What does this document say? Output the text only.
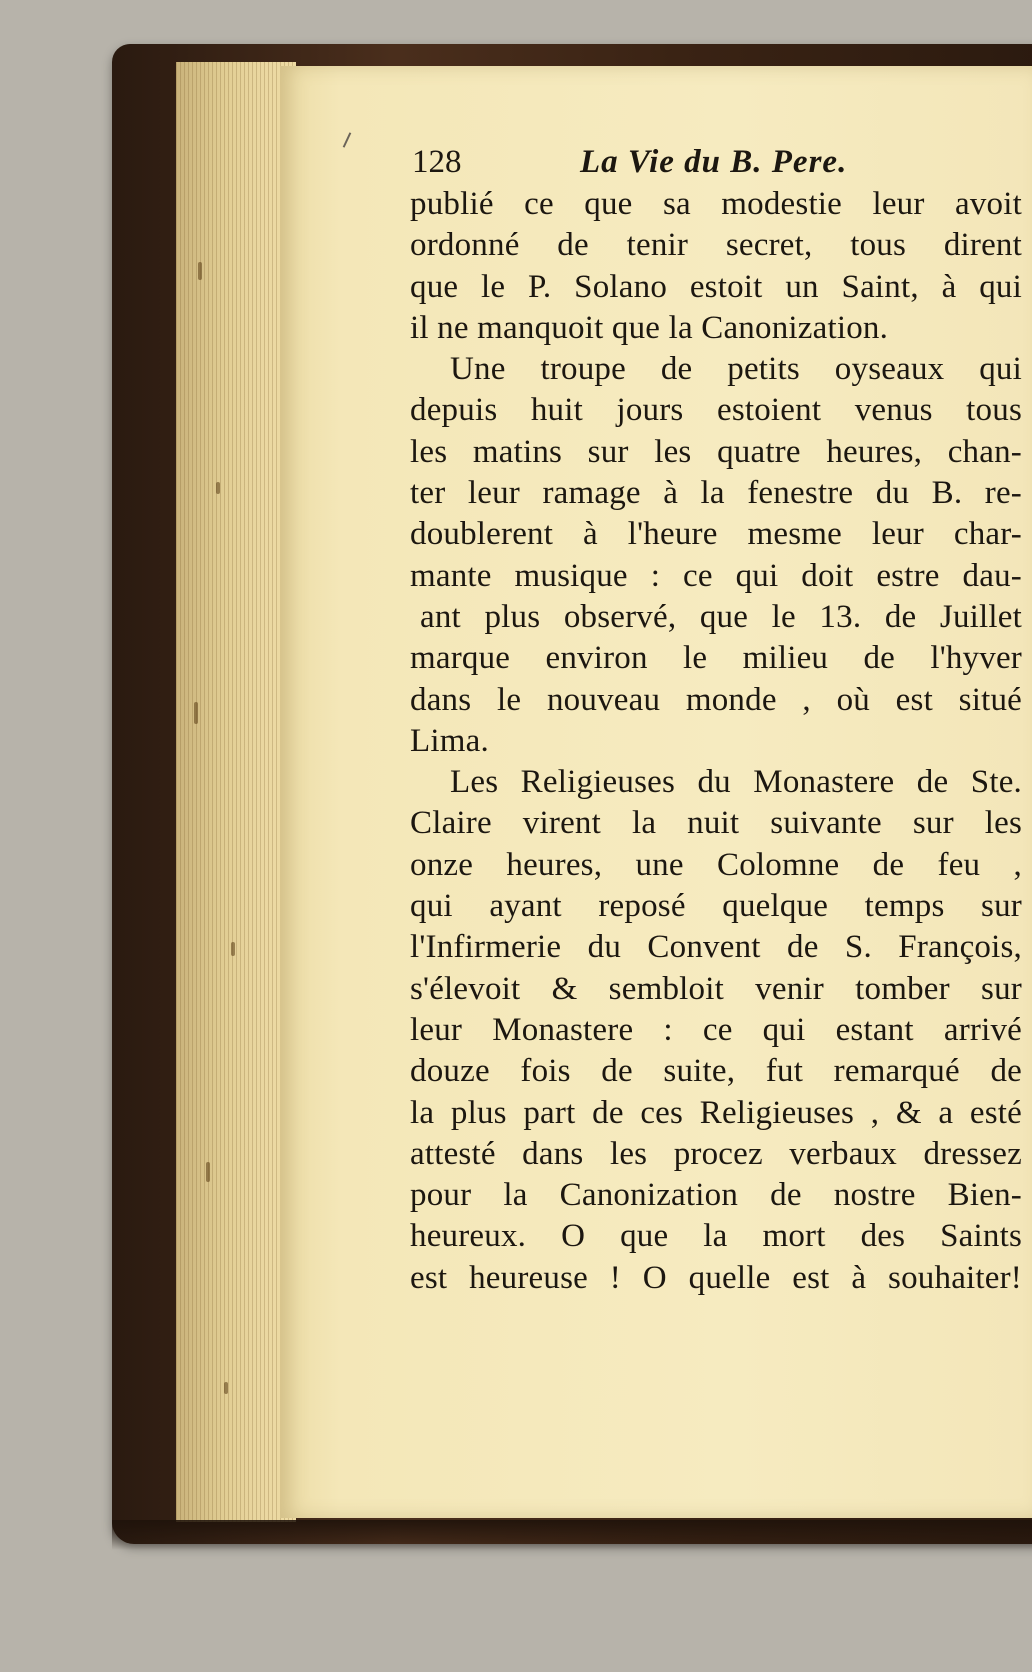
128	La Vie du B. Pere.
publié ce que sa modestie leur avoit
ordonné de tenir secret, tous dirent
que le P. Solano estoit un Saint, à qui
il ne manquoit que la Canonization.
Une troupe de petits oyseaux qui
depuis huit jours estoient venus tous
les matins sur les quatre heures, chan-
ter leur ramage à la fenestre du B. re-
doublerent à l'heure mesme leur char-
mante musique : ce qui doit estre dau-
ant plus observé, que le 13. de Juillet
marque environ le milieu de l'hyver
dans le nouveau monde , où est situé
Lima.
Les Religieuses du Monastere de Ste.
Claire virent la nuit suivante sur les
onze heures, une Colomne de feu ,
qui ayant reposé quelque temps sur
l'Infirmerie du Convent de S. François,
s'élevoit & sembloit venir tomber sur
leur Monastere : ce qui estant arrivé
douze fois de suite, fut remarqué de
la plus part de ces Religieuses , & a esté
attesté dans les procez verbaux dressez
pour la Canonization de nostre Bien-
heureux. O que la mort des Saints
est heureuse ! O quelle est à souhaiter!
